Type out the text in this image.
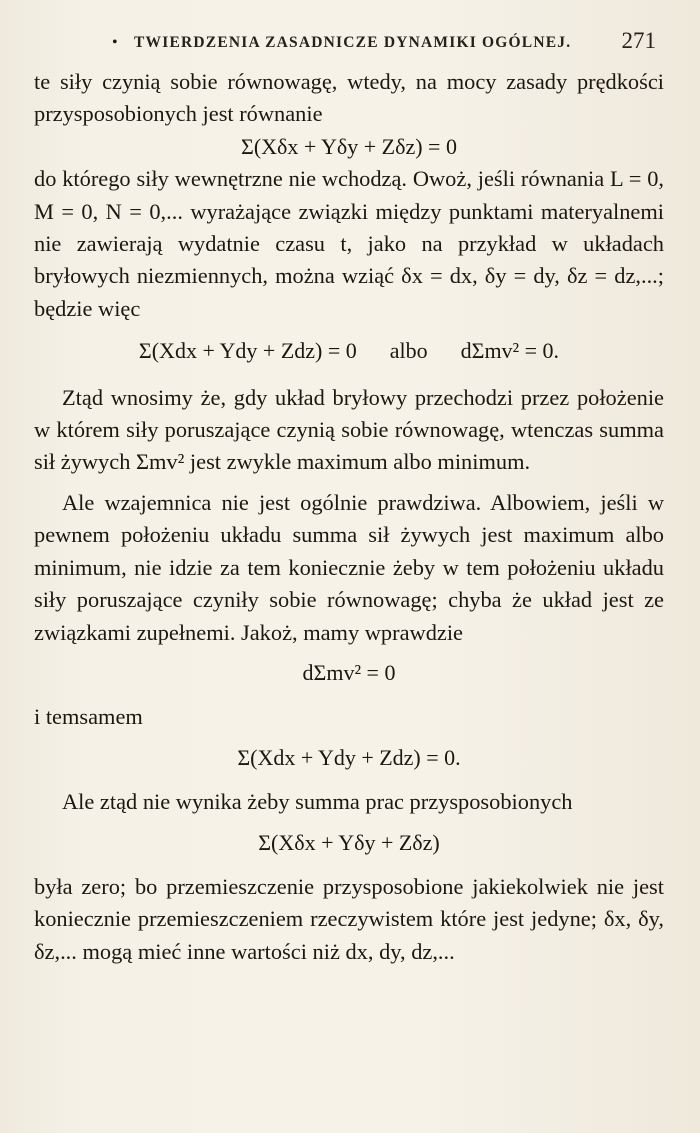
• TWIERDZENIA ZASADNICZE DYNAMIKI OGÓLNEJ. 271

te siły czynią sobie równowagę, wtedy, na mocy zasady prędkości przysposobionych jest równanie

Σ(Xδx + Yδy + Zδz) = 0

do którego siły wewnętrzne nie wchodzą. Owoż, jeśli równania L = 0, M = 0, N = 0,... wyrażające związki między punktami materyalnemi nie zawierają wydatnie czasu t, jako na przykład w układach bryłowych niezmiennych, można wziąć δx = dx, δy = dy, δz = dz,...; będzie więc

Σ(Xdx + Ydy + Zdz) = 0      albo      dΣmv² = 0.

Ztąd wnosimy że, gdy układ bryłowy przechodzi przez położenie w którem siły poruszające czynią sobie równowagę, wtenczas summa sił żywych Σmv² jest zwykle maximum albo minimum.

Ale wzajemnica nie jest ogólnie prawdziwa. Albowiem, jeśli w pewnem położeniu układu summa sił żywych jest maximum albo minimum, nie idzie za tem koniecznie żeby w tem położeniu układu siły poruszające czyniły sobie równowagę; chyba że układ jest ze związkami zupełnemi. Jakoż, mamy wprawdzie

dΣmv² = 0

i temsamem

Σ(Xdx + Ydy + Zdz) = 0.

Ale ztąd nie wynika żeby summa prac przysposobionych

Σ(Xδx + Yδy + Zδz)

była zero; bo przemieszczenie przysposobione jakiekolwiek nie jest koniecznie przemieszczeniem rzeczywistem które jest jedyne; δx, δy, δz,... mogą mieć inne wartości niż dx, dy, dz,...
